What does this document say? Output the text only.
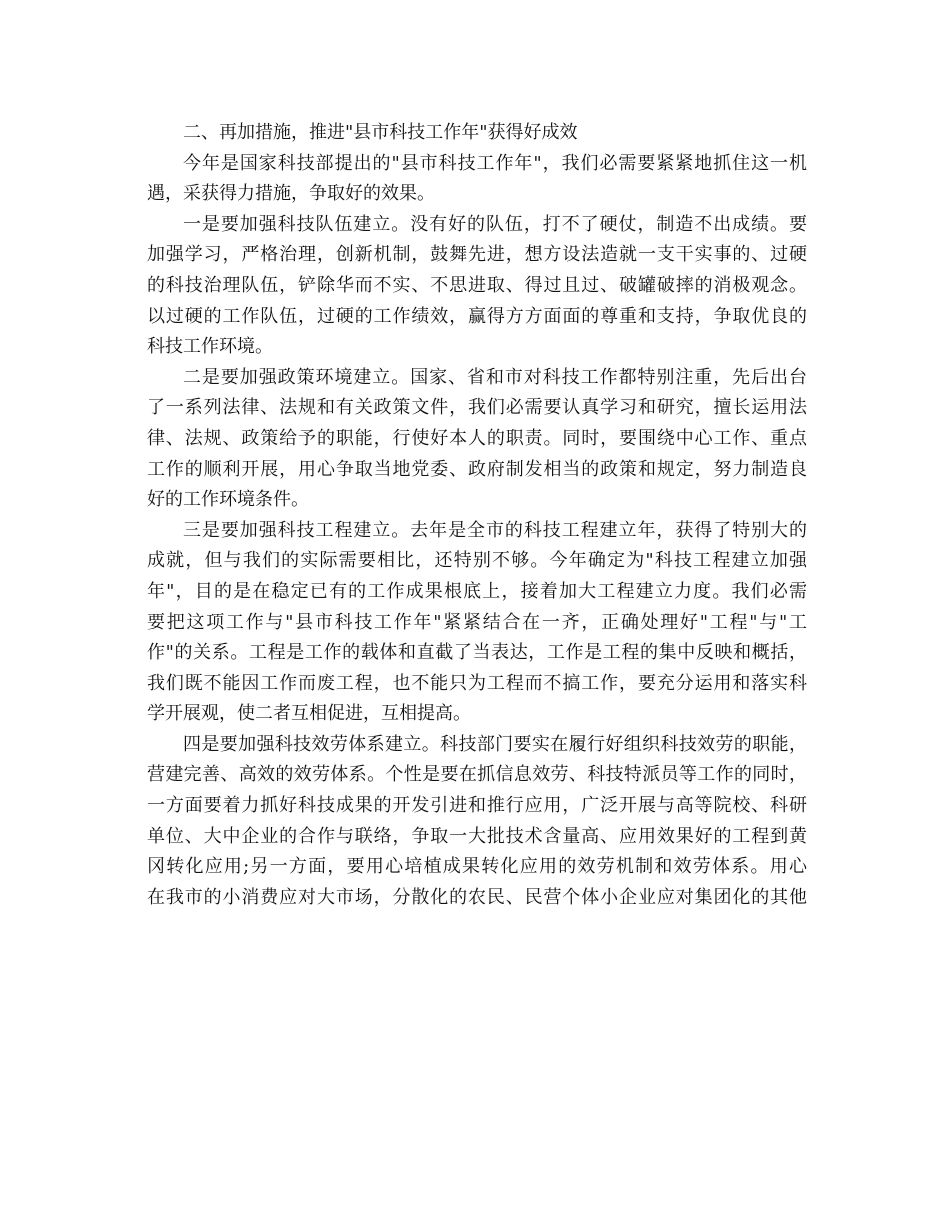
二、再加措施，推进"县市科技工作年"获得好成效
今年是国家科技部提出的"县市科技工作年"，我们必需要紧紧地抓住这一机
遇，采获得力措施，争取好的效果。
一是要加强科技队伍建立。没有好的队伍，打不了硬仗，制造不出成绩。要
加强学习，严格治理，创新机制，鼓舞先进，想方设法造就一支干实事的、过硬
的科技治理队伍，铲除华而不实、不思进取、得过且过、破罐破摔的消极观念。
以过硬的工作队伍，过硬的工作绩效，赢得方方面面的尊重和支持，争取优良的
科技工作环境。
二是要加强政策环境建立。国家、省和市对科技工作都特别注重，先后出台
了一系列法律、法规和有关政策文件，我们必需要认真学习和研究，擅长运用法
律、法规、政策给予的职能，行使好本人的职责。同时，要围绕中心工作、重点
工作的顺利开展，用心争取当地党委、政府制发相当的政策和规定，努力制造良
好的工作环境条件。
三是要加强科技工程建立。去年是全市的科技工程建立年，获得了特别大的
成就，但与我们的实际需要相比，还特别不够。今年确定为"科技工程建立加强
年"，目的是在稳定已有的工作成果根底上，接着加大工程建立力度。我们必需
要把这项工作与"县市科技工作年"紧紧结合在一齐，正确处理好"工程"与"工
作"的关系。工程是工作的载体和直截了当表达，工作是工程的集中反映和概括，
我们既不能因工作而废工程，也不能只为工程而不搞工作，要充分运用和落实科
学开展观，使二者互相促进，互相提高。
四是要加强科技效劳体系建立。科技部门要实在履行好组织科技效劳的职能，
营建完善、高效的效劳体系。个性是要在抓信息效劳、科技特派员等工作的同时，
一方面要着力抓好科技成果的开发引进和推行应用，广泛开展与高等院校、科研
单位、大中企业的合作与联络，争取一大批技术含量高、应用效果好的工程到黄
冈转化应用;另一方面，要用心培植成果转化应用的效劳机制和效劳体系。用心
在我市的小消费应对大市场，分散化的农民、民营个体小企业应对集团化的其他
